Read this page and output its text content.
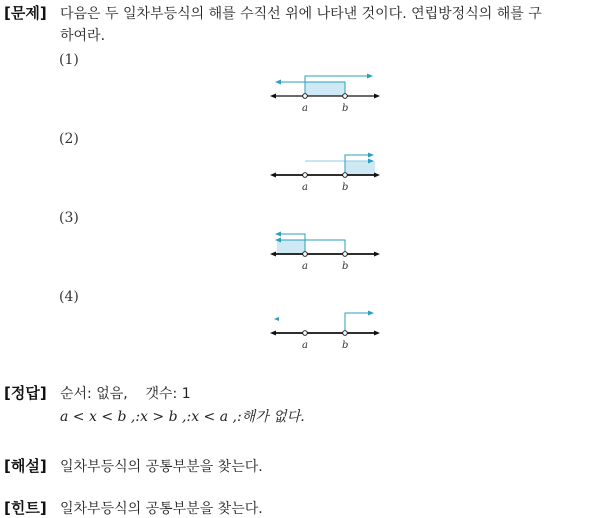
[문제] 다음은 두 일차부등식의 해를 수직선 위에 나타낸 것이다. 연립방정식의 해를 구
하여라.
(1)
(2)
(3)
(4)
a	b
a	b
a	b
a	b
[정답] 순서: 없음,    갯수: 1
a < x < b ,:x > b ,:x < a ,:해가 없다.
[해설] 일차부등식의 공통부분을 찾는다.
[힌트] 일차부등식의 공통부분을 찾는다.
